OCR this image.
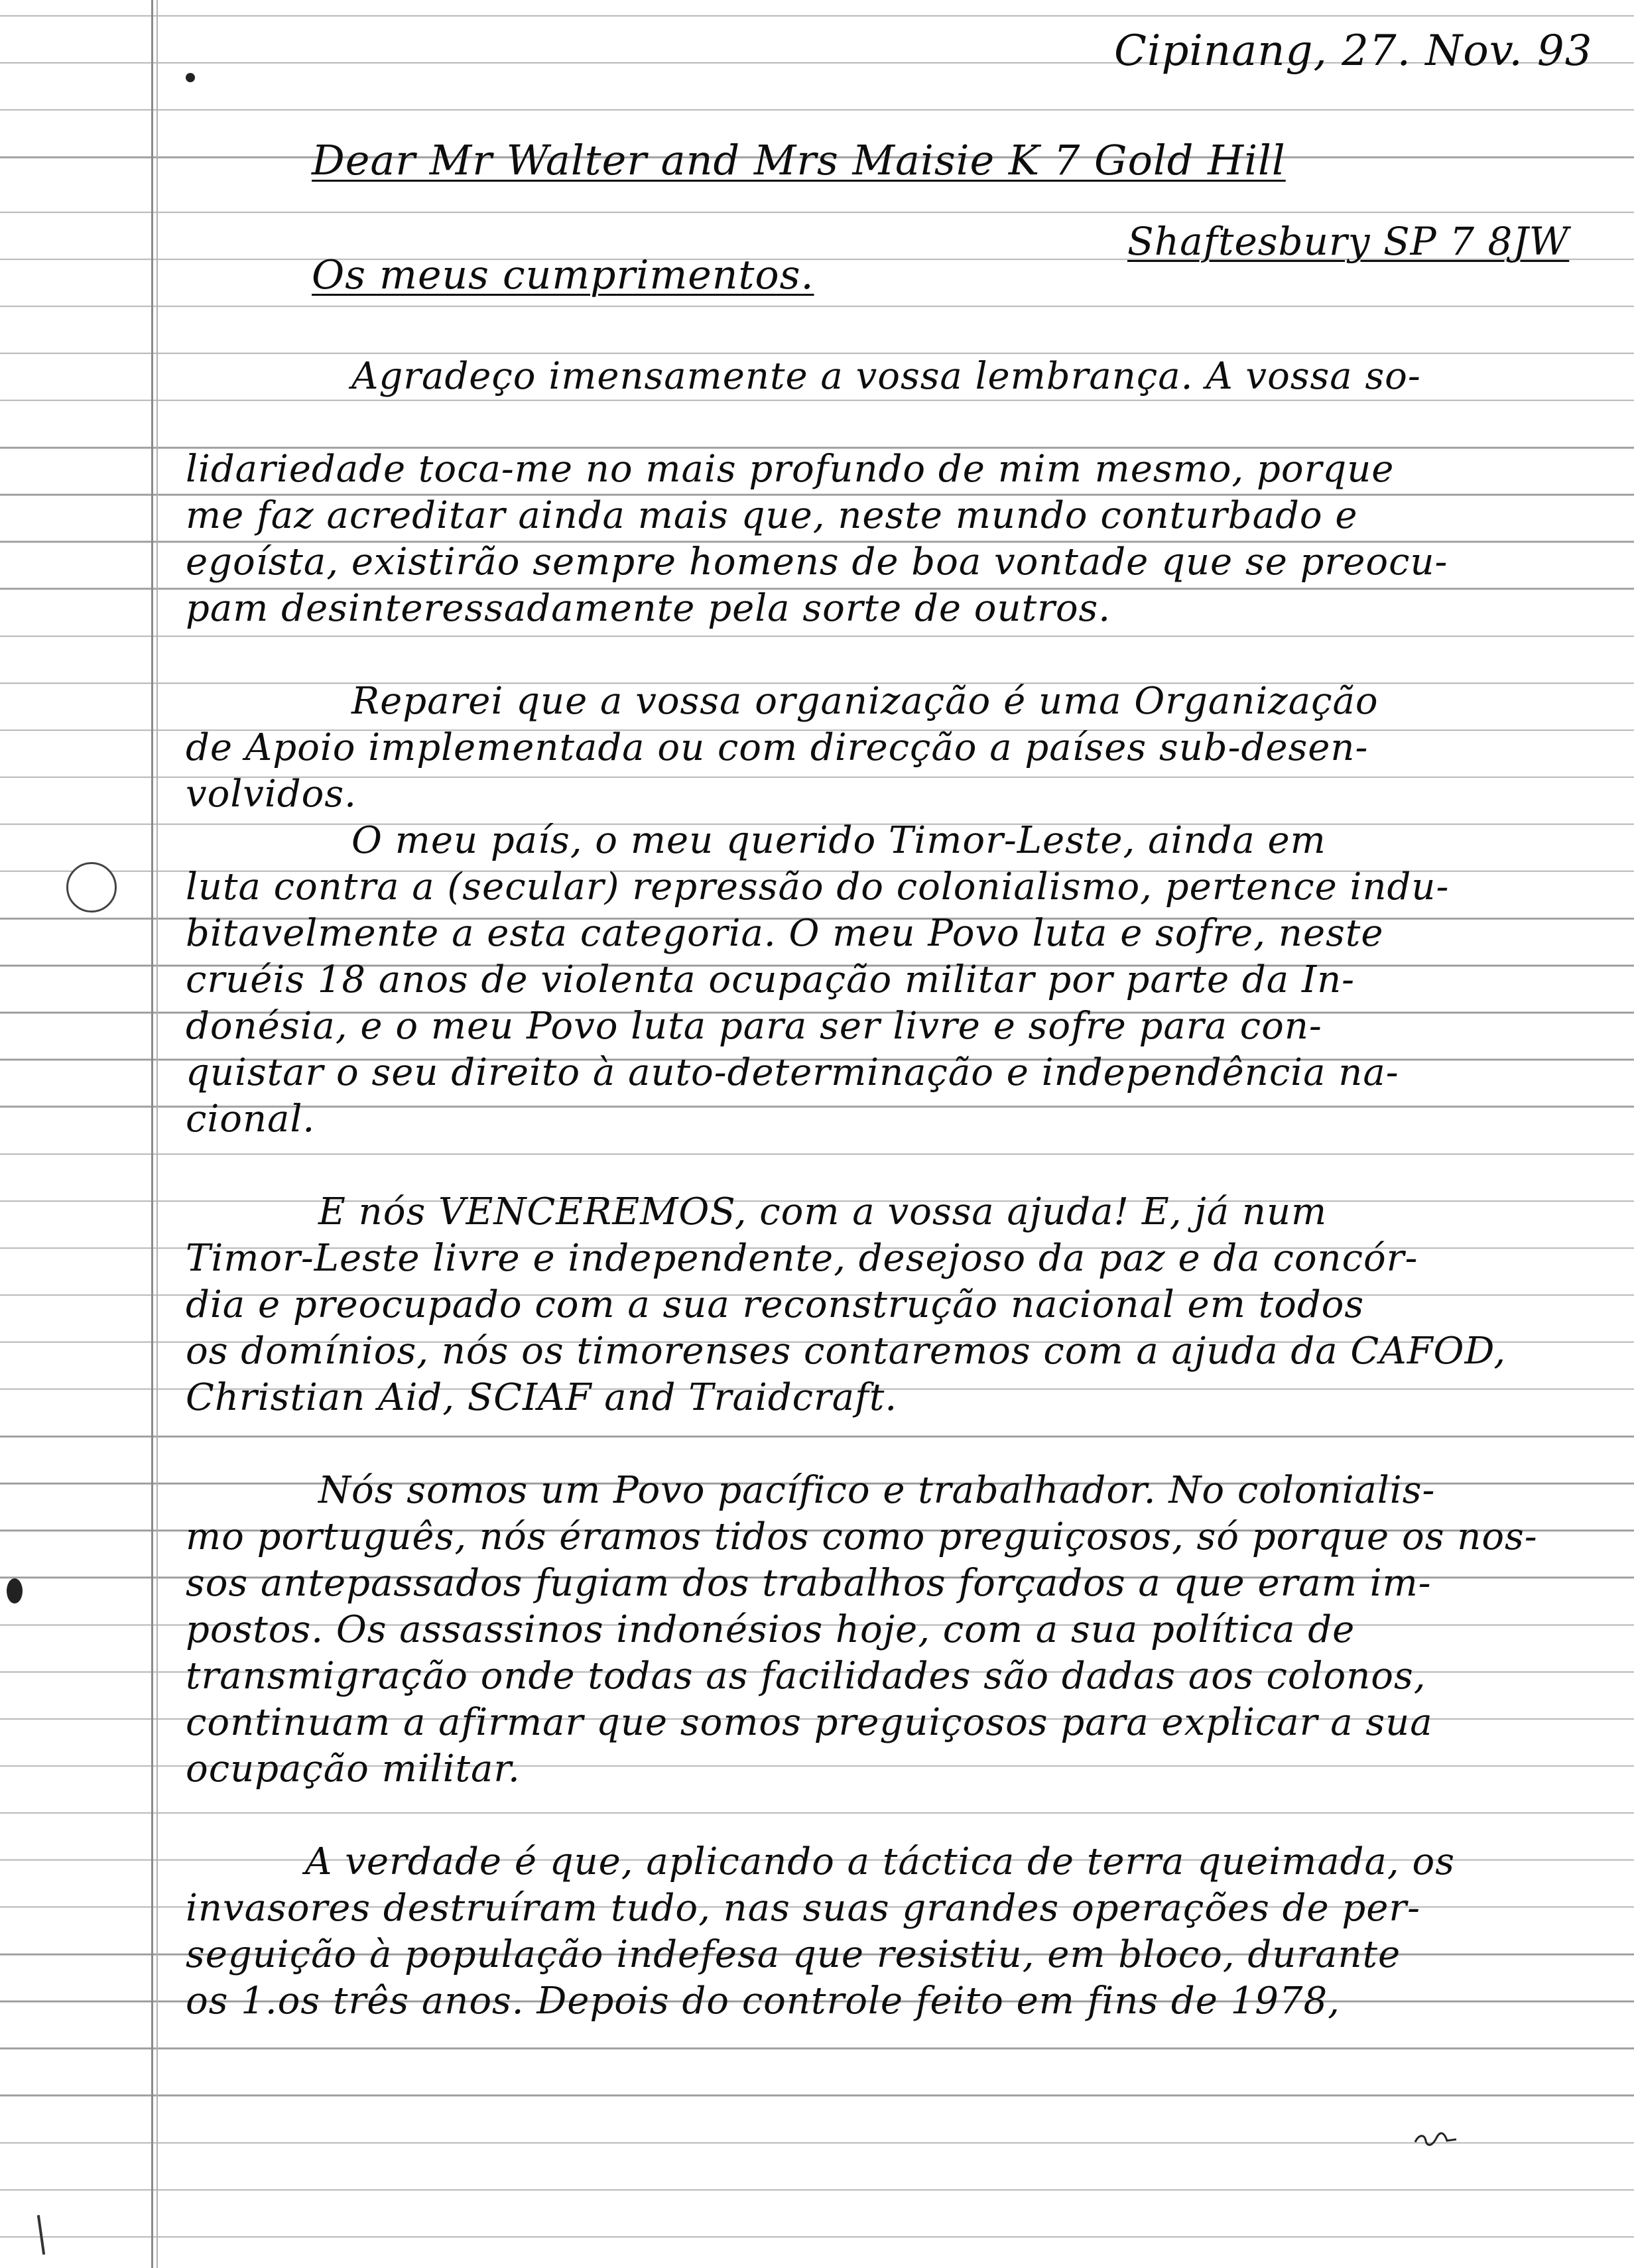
Cipinang, 27. Nov. 93
Dear Mr Walter and Mrs Maisie K 7 Gold Hill
Shaftesbury SP 7 8JW
Os meus cumprimentos.
Agradeço imensamente a vossa lembrança. A vossa so-
lidariedade toca-me no mais profundo de mim mesmo, porque
me faz acreditar ainda mais que, neste mundo conturbado e
egoísta, existirão sempre homens de boa vontade que se preocu-
pam desinteressadamente pela sorte de outros.
Reparei que a vossa organização é uma Organização
de Apoio implementada ou com direcção a países sub-desen-
volvidos.
O meu país, o meu querido Timor-Leste, ainda em
luta contra a (secular) repressão do colonialismo, pertence indu-
bitavelmente a esta categoria. O meu Povo luta e sofre, neste
cruéis 18 anos de violenta ocupação militar por parte da In-
donésia, e o meu Povo luta para ser livre e sofre para con-
quistar o seu direito à auto-determinação e independência na-
cional.
E nós VENCEREMOS, com a vossa ajuda! E, já num
Timor-Leste livre e independente, desejoso da paz e da concór-
dia e preocupado com a sua reconstrução nacional em todos
os domínios, nós os timorenses contaremos com a ajuda da CAFOD,
Christian Aid, SCIAF and Traidcraft.
Nós somos um Povo pacífico e trabalhador. No colonialis-
mo português, nós éramos tidos como preguiçosos, só porque os nos-
sos antepassados fugiam dos trabalhos forçados a que eram im-
postos. Os assassinos indonésios hoje, com a sua política de
transmigração onde todas as facilidades são dadas aos colonos,
continuam a afirmar que somos preguiçosos para explicar a sua
ocupação militar.
A verdade é que, aplicando a táctica de terra queimada, os
invasores destruíram tudo, nas suas grandes operações de per-
seguição à população indefesa que resistiu, em bloco, durante
os 1.os três anos. Depois do controle feito em fins de 1978,
